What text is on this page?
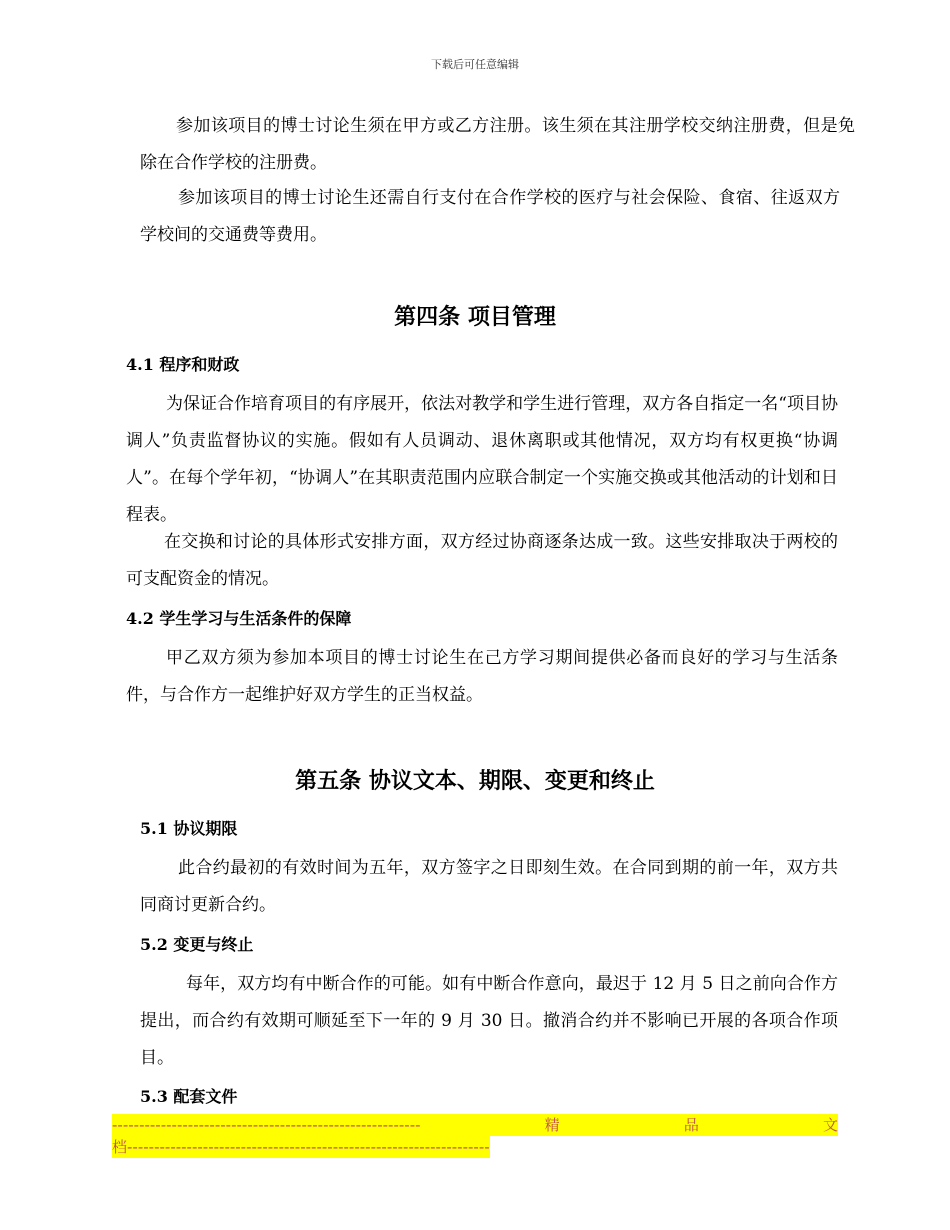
下载后可任意编辑

参加该项目的博士讨论生须在甲方或乙方注册。该生须在其注册学校交纳注册费，但是免除在合作学校的注册费。

参加该项目的博士讨论生还需自行支付在合作学校的医疗与社会保险、食宿、往返双方学校间的交通费等费用。

第四条 项目管理
4.1 程序和财政

为保证合作培育项目的有序展开，依法对教学和学生进行管理，双方各自指定一名“项目协调人”负责监督协议的实施。假如有人员调动、退休离职或其他情况，双方均有权更换“协调人”。在每个学年初，“协调人”在其职责范围内应联合制定一个实施交换或其他活动的计划和日程表。

在交换和讨论的具体形式安排方面，双方经过协商逐条达成一致。这些安排取决于两校的可支配资金的情况。

4.2 学生学习与生活条件的保障

甲乙双方须为参加本项目的博士讨论生在己方学习期间提供必备而良好的学习与生活条件，与合作方一起维护好双方学生的正当权益。

第五条 协议文本、期限、变更和终止
5.1 协议期限

此合约最初的有效时间为五年，双方签字之日即刻生效。在合同到期的前一年，双方共同商讨更新合约。

5.2 变更与终止

每年，双方均有中断合作的可能。如有中断合作意向，最迟于 12 月 5 日之前向合作方提出，而合约有效期可顺延至下一年的 9 月 30 日。撤消合约并不影响已开展的各项合作项目。

5.3 配套文件
---------------------------------------------------------	精	品	文
档-------------------------------------------------------------------
